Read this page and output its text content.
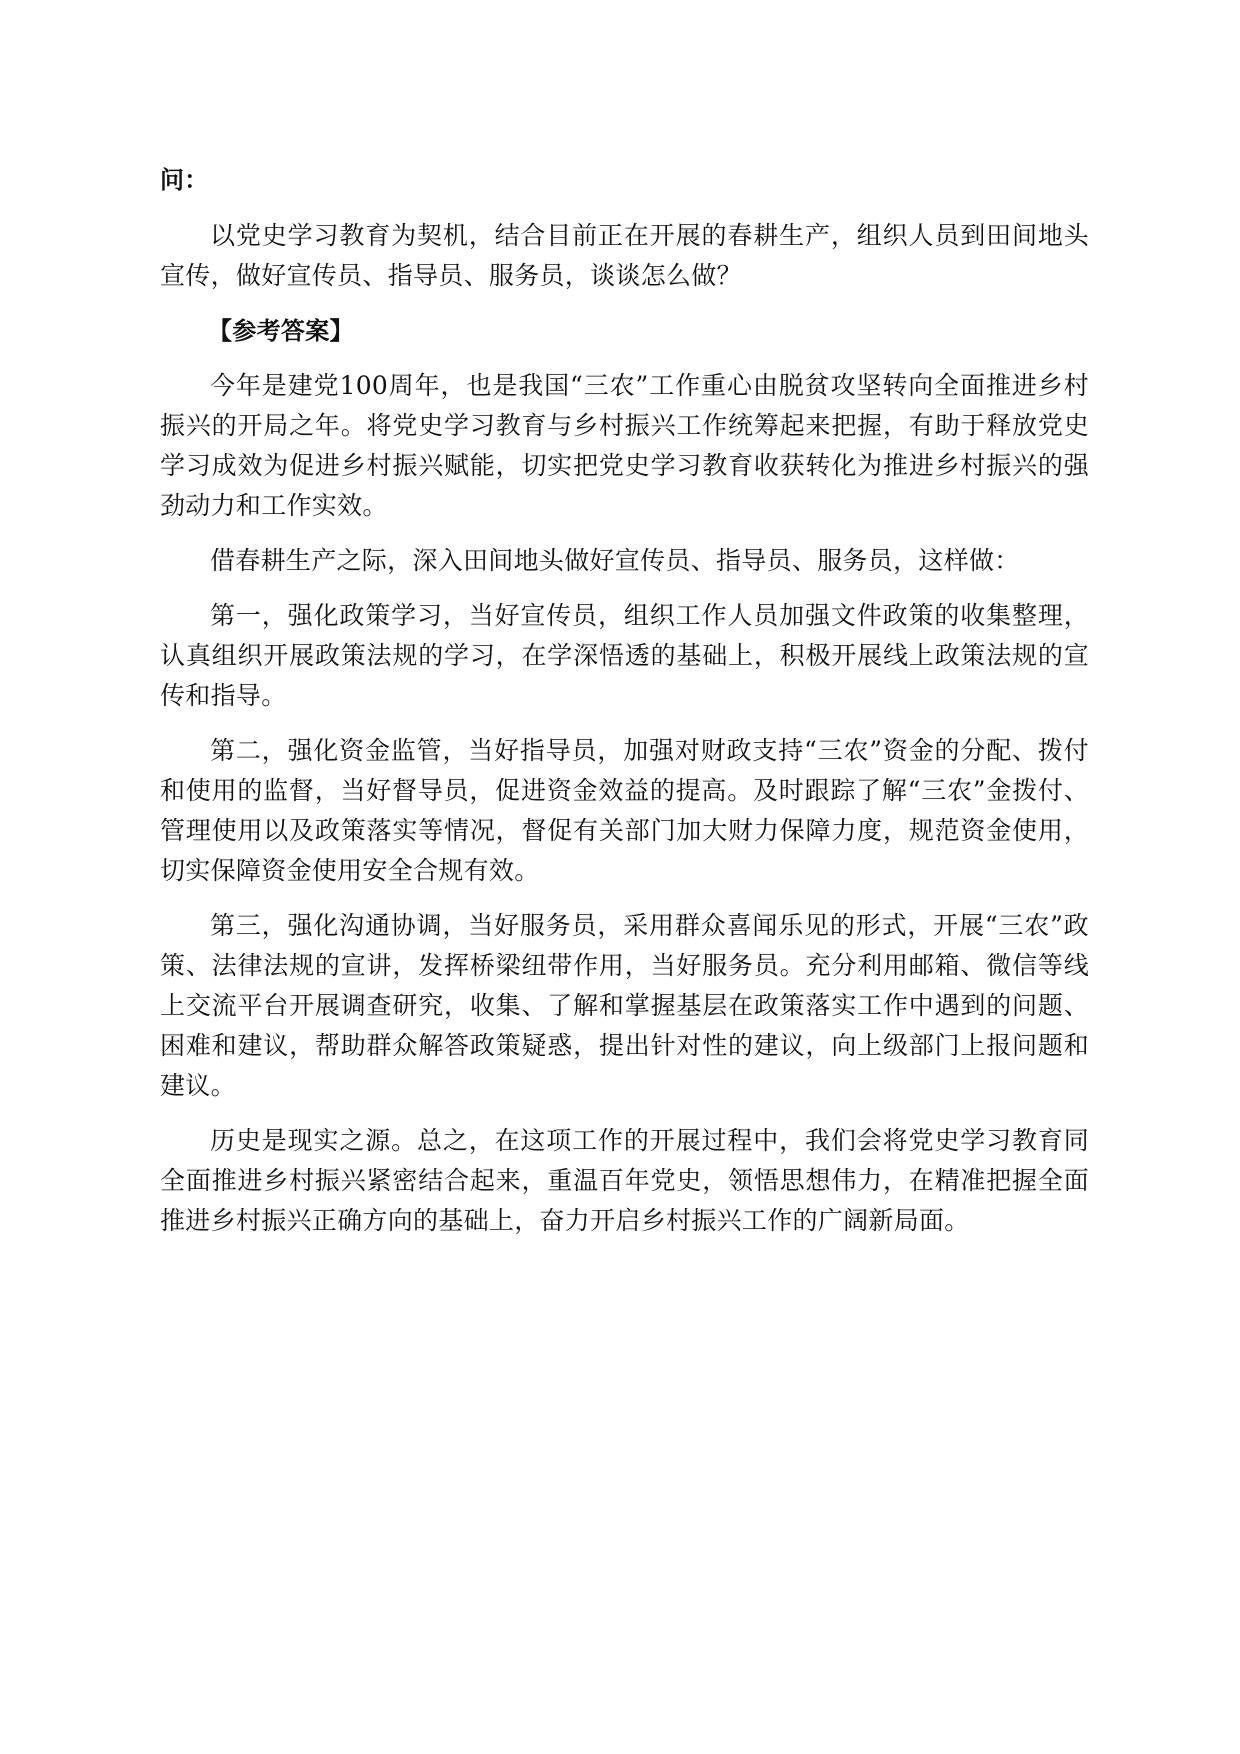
问：

以党史学习教育为契机，结合目前正在开展的春耕生产，组织人员到田间地头宣传，做好宣传员、指导员、服务员，谈谈怎么做？

【参考答案】

今年是建党100周年，也是我国“三农”工作重心由脱贫攻坚转向全面推进乡村振兴的开局之年。将党史学习教育与乡村振兴工作统筹起来把握，有助于释放党史学习成效为促进乡村振兴赋能，切实把党史学习教育收获转化为推进乡村振兴的强劲动力和工作实效。

借春耕生产之际，深入田间地头做好宣传员、指导员、服务员，这样做：

第一，强化政策学习，当好宣传员，组织工作人员加强文件政策的收集整理，认真组织开展政策法规的学习，在学深悟透的基础上，积极开展线上政策法规的宣传和指导。

第二，强化资金监管，当好指导员，加强对财政支持“三农”资金的分配、拨付和使用的监督，当好督导员，促进资金效益的提高。及时跟踪了解“三农”金拨付、管理使用以及政策落实等情况，督促有关部门加大财力保障力度，规范资金使用，切实保障资金使用安全合规有效。

第三，强化沟通协调，当好服务员，采用群众喜闻乐见的形式，开展“三农”政策、法律法规的宣讲，发挥桥梁纽带作用，当好服务员。充分利用邮箱、微信等线上交流平台开展调查研究，收集、了解和掌握基层在政策落实工作中遇到的问题、困难和建议，帮助群众解答政策疑惑，提出针对性的建议，向上级部门上报问题和建议。

历史是现实之源。总之，在这项工作的开展过程中，我们会将党史学习教育同全面推进乡村振兴紧密结合起来，重温百年党史，领悟思想伟力，在精准把握全面推进乡村振兴正确方向的基础上，奋力开启乡村振兴工作的广阔新局面。
